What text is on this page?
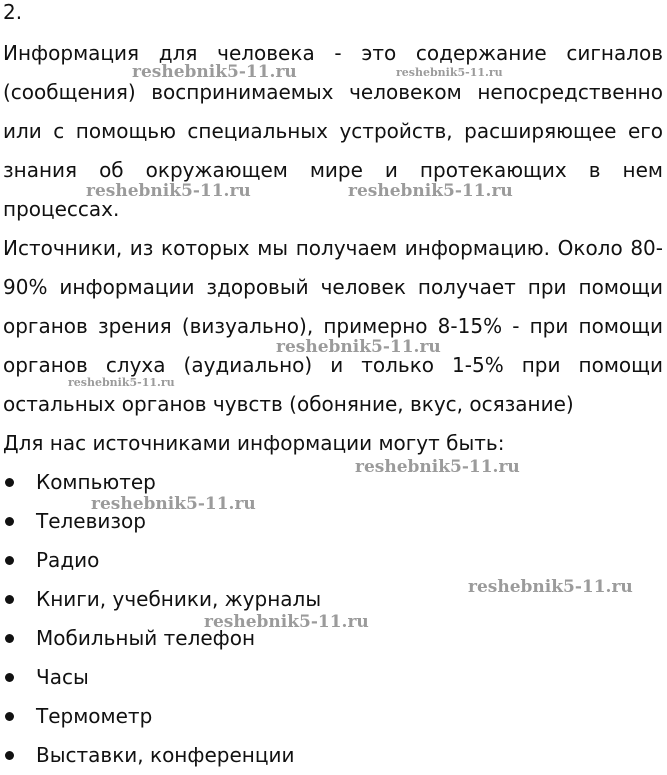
2.

Информация для человека - это содержание сигналов (сообщения) воспринимаемых человеком непосредственно или с помощью специальных устройств, расширяющее его знания об окружающем мире и протекающих в нем процессах.

Источники, из которых мы получаем информацию. Около 80-90% информации здоровый человек получает при помощи органов зрения (визуально), примерно 8-15% - при помощи органов слуха (аудиально) и только 1-5% при помощи остальных органов чувств (обоняние, вкус, осязание)

Для нас источниками информации могут быть:

Компьютер
Телевизор
Радио
Книги, учебники, журналы
Мобильный телефон
Часы
Термометр
Выставки, конференции
reshebnik5-11.ru	reshebnik5-11.ru
reshebnik5-11.ru	reshebnik5-11.ru
reshebnik5-11.ru
reshebnik5-11.ru
reshebnik5-11.ru
reshebnik5-11.ru
reshebnik5-11.ru
reshebnik5-11.ru
